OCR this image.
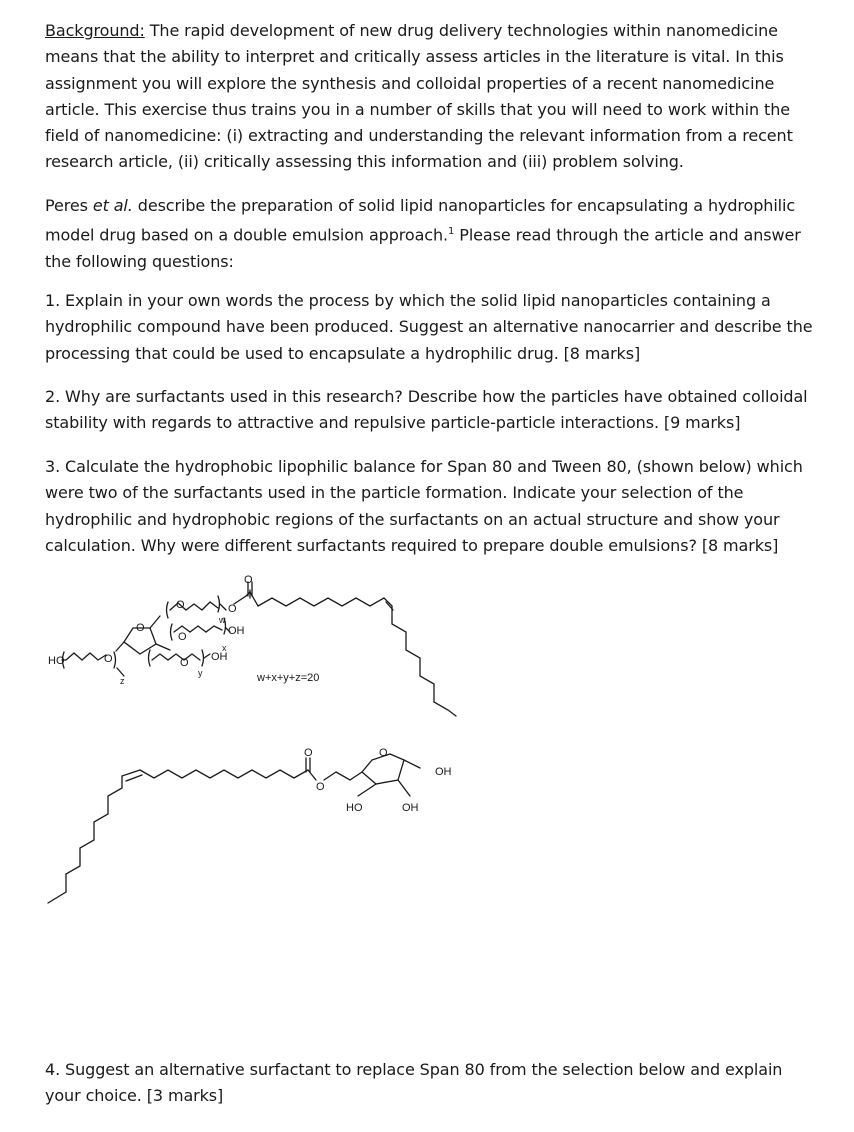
Background: The rapid development of new drug delivery technologies within nanomedicine means that the ability to interpret and critically assess articles in the literature is vital. In this assignment you will explore the synthesis and colloidal properties of a recent nanomedicine article. This exercise thus trains you in a number of skills that you will need to work within the field of nanomedicine: (i) extracting and understanding the relevant information from a recent research article, (ii) critically assessing this information and (iii) problem solving.
Peres et al. describe the preparation of solid lipid nanoparticles for encapsulating a hydrophilic model drug based on a double emulsion approach.$^1$ Please read through the article and answer the following questions:
1. Explain in your own words the process by which the solid lipid nanoparticles containing a hydrophilic compound have been produced. Suggest an alternative nanocarrier and describe the processing that could be used to encapsulate a hydrophilic drug. [8 marks]
2. Why are surfactants used in this research? Describe how the particles have obtained colloidal stability with regards to attractive and repulsive particle-particle interactions. [9 marks]
3. Calculate the hydrophobic lipophilic balance for Span 80 and Tween 80, (shown below) which were two of the surfactants used in the particle formation. Indicate your selection of the hydrophilic and hydrophobic regions of the surfactants on an actual structure and show your calculation. Why were different surfactants required to prepare double emulsions? [8 marks]
4. Suggest an alternative surfactant to replace Span 80 from the selection below and explain your choice. [3 marks]
HO
OH
OH
O
w
x
y
z
O
O	O
O
O
O
w+x+y+z=20
O
O
O
OH
HO	OH
